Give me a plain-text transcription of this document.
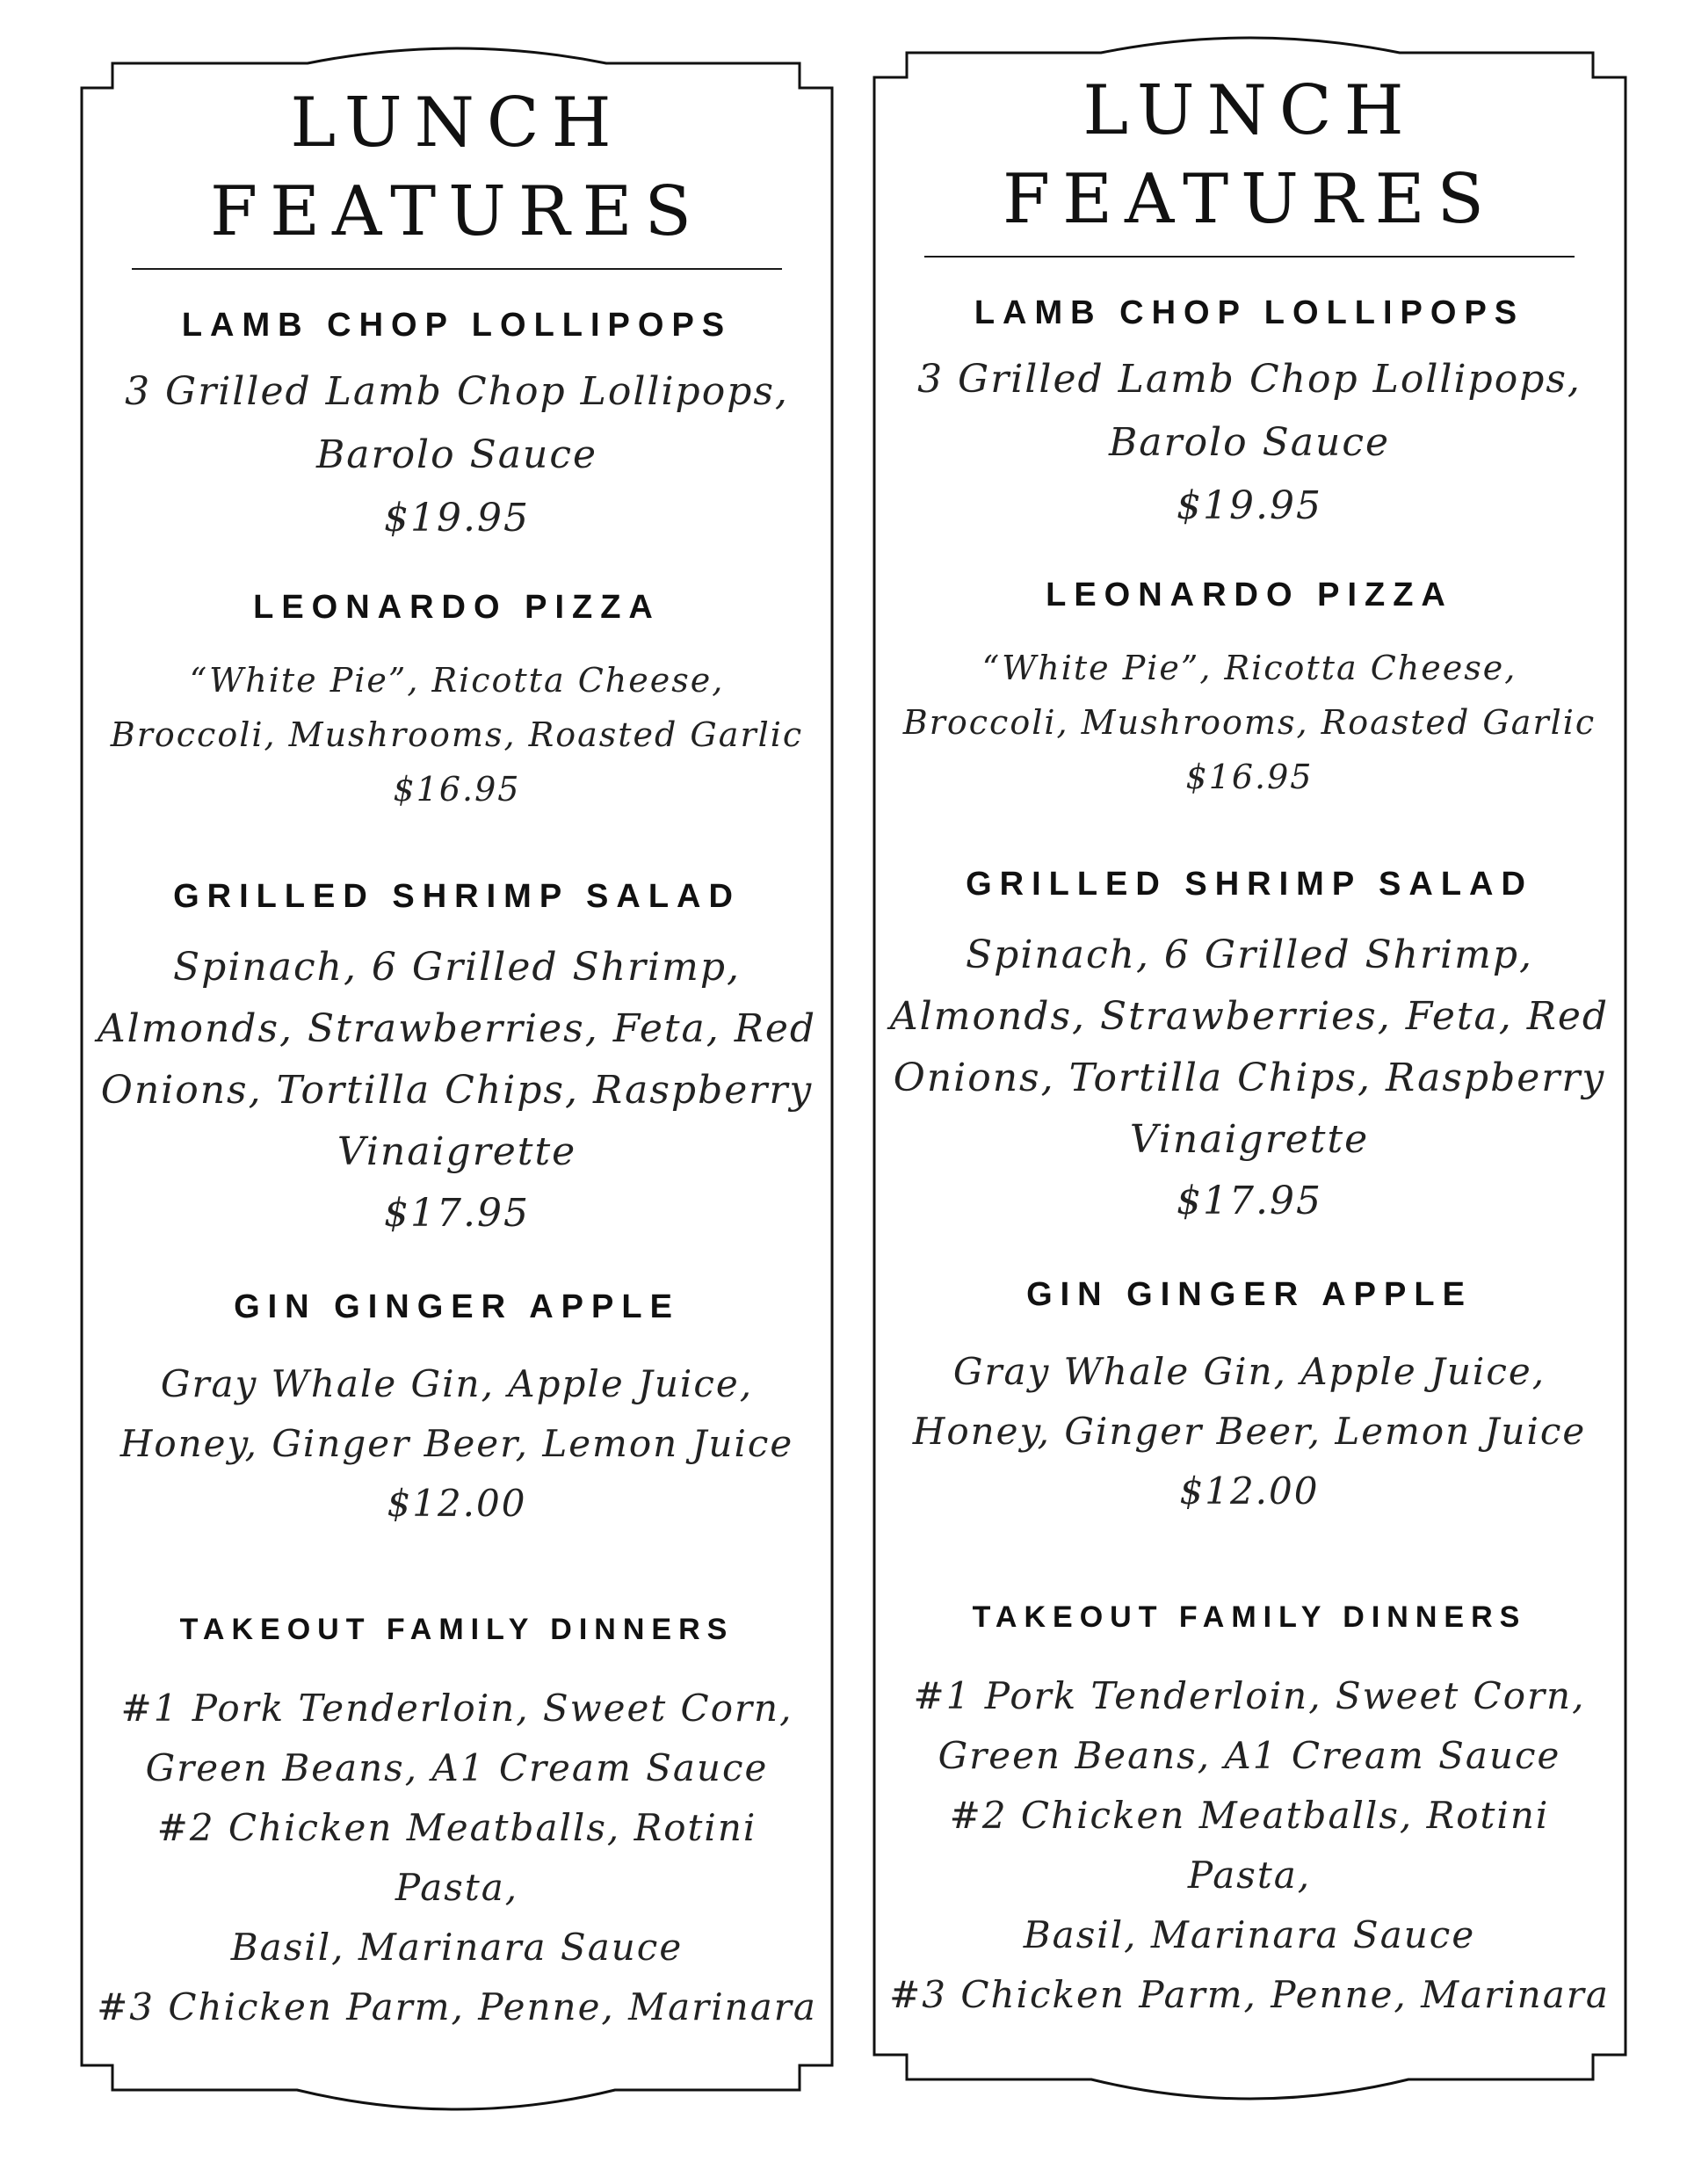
LUNCH

FEATURES

LAMB CHOP LOLLIPOPS

3 Grilled Lamb Chop Lollipops, Barolo Sauce

$19.95

LEONARDO PIZZA

“White Pie”, Ricotta Cheese, Broccoli, Mushrooms, Roasted Garlic

$16.95

GRILLED SHRIMP SALAD

Spinach, 6 Grilled Shrimp, Almonds, Strawberries, Feta, Red Onions, Tortilla Chips, Raspberry Vinaigrette

$17.95

GIN GINGER APPLE

Gray Whale Gin, Apple Juice, Honey, Ginger Beer, Lemon Juice

$12.00

TAKEOUT FAMILY DINNERS

#1 Pork Tenderloin, Sweet Corn,
Green Beans, A1 Cream Sauce
#2 Chicken Meatballs, Rotini Pasta,
Basil, Marinara Sauce
#3 Chicken Parm, Penne, Marinara

LUNCH

FEATURES

LAMB CHOP LOLLIPOPS

3 Grilled Lamb Chop Lollipops, Barolo Sauce

$19.95

LEONARDO PIZZA

“White Pie”, Ricotta Cheese, Broccoli, Mushrooms, Roasted Garlic

$16.95

GRILLED SHRIMP SALAD

Spinach, 6 Grilled Shrimp, Almonds, Strawberries, Feta, Red Onions, Tortilla Chips, Raspberry Vinaigrette

$17.95

GIN GINGER APPLE

Gray Whale Gin, Apple Juice, Honey, Ginger Beer, Lemon Juice

$12.00

TAKEOUT FAMILY DINNERS

#1 Pork Tenderloin, Sweet Corn,
Green Beans, A1 Cream Sauce
#2 Chicken Meatballs, Rotini Pasta,
Basil, Marinara Sauce
#3 Chicken Parm, Penne, Marinara
